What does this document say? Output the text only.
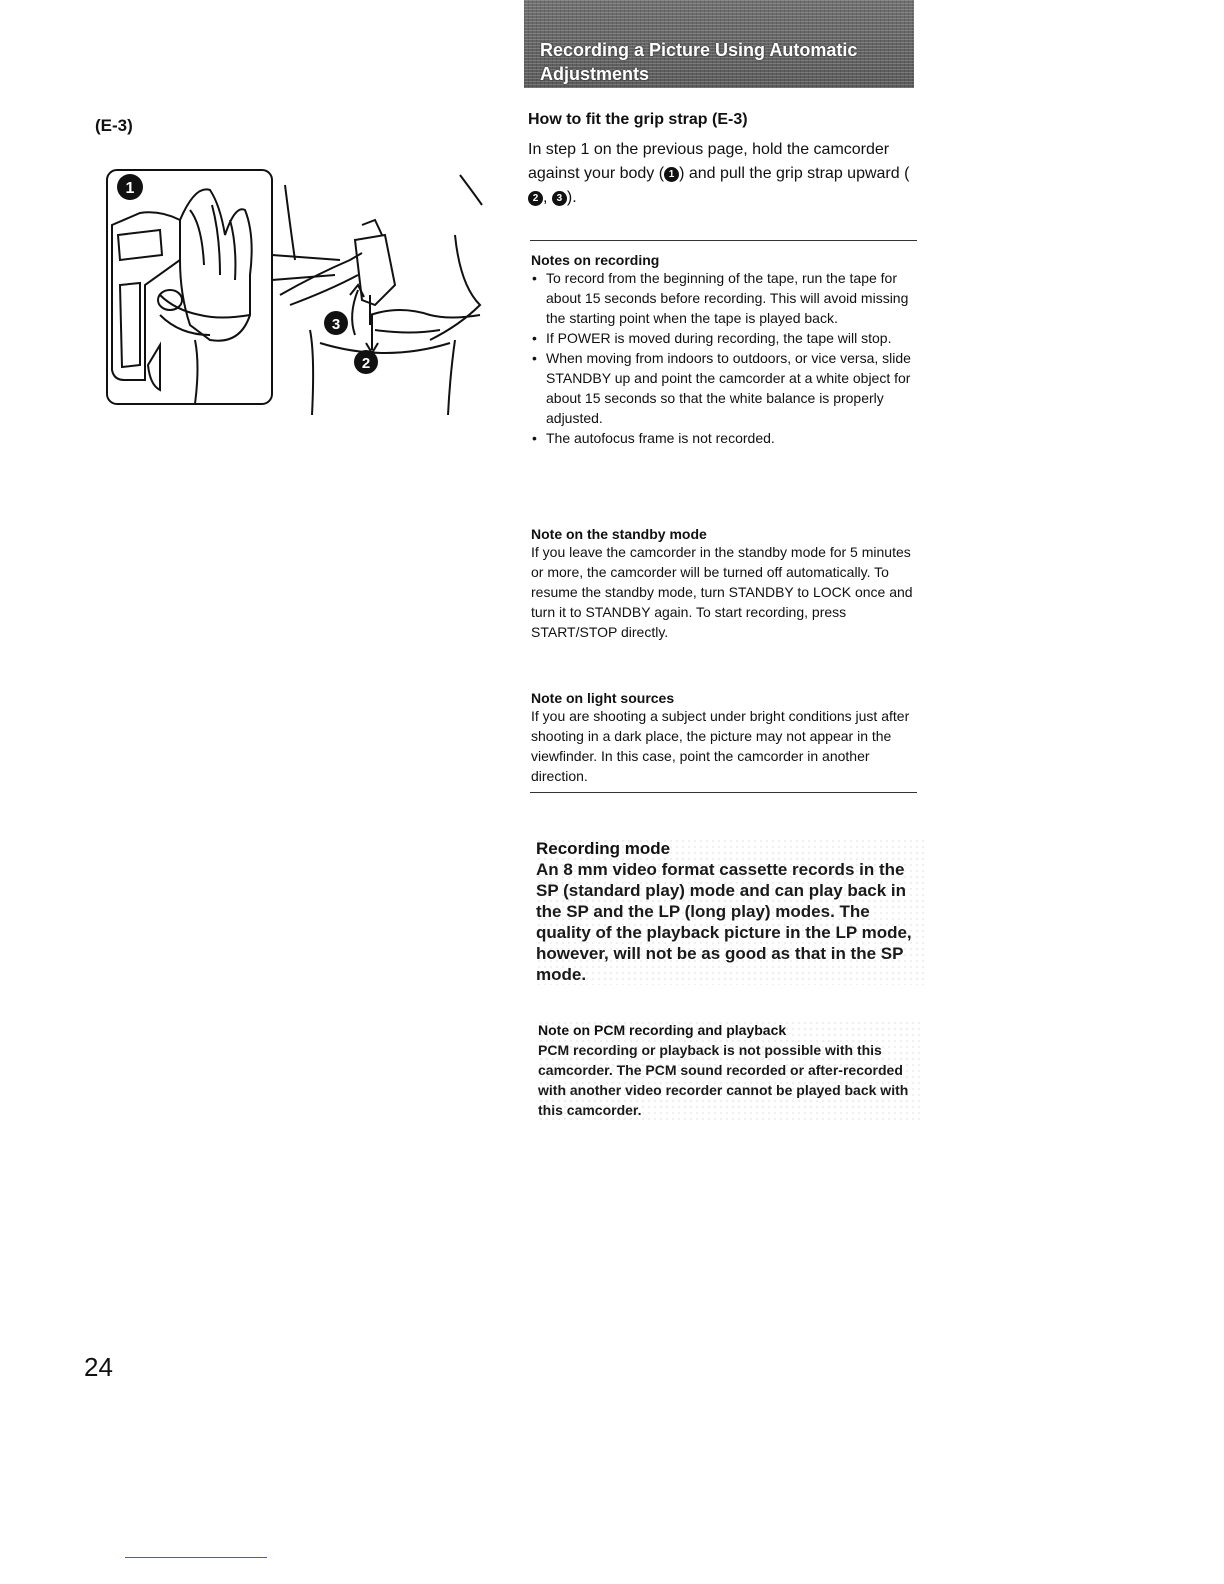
Recording a Picture Using Automatic Adjustments
(E-3)
1
3
2
How to fit the grip strap (E-3)
In step 1 on the previous page, hold the camcorder against your body ( 1 ) and pull the grip strap upward (2 , 3 ).
Notes on recording
• To record from the beginning of the tape, run the tape for about 15 seconds before recording. This will avoid missing the starting point when the tape is played back.
• If POWER is moved during recording, the tape will stop.
• When moving from indoors to outdoors, or vice versa, slide STANDBY up and point the camcorder at a white object for about 15 seconds so that the white balance is properly adjusted.
• The autofocus frame is not recorded.
Note on the standby mode
If you leave the camcorder in the standby mode for 5 minutes or more, the camcorder will be turned off automatically. To resume the standby mode, turn STANDBY to LOCK once and turn it to STANDBY again. To start recording, press START/STOP directly.
Note on light sources
If you are shooting a subject under bright conditions just after shooting in a dark place, the picture may not appear in the viewfinder. In this case, point the camcorder in another direction.
Recording mode
An 8 mm video format cassette records in the SP (standard play) mode and can play back in the SP and the LP (long play) modes. The quality of the playback picture in the LP mode, however, will not be as good as that in the SP mode.
Note on PCM recording and playback
PCM recording or playback is not possible with this camcorder. The PCM sound recorded or after-recorded with another video recorder cannot be played back with this camcorder.
24
